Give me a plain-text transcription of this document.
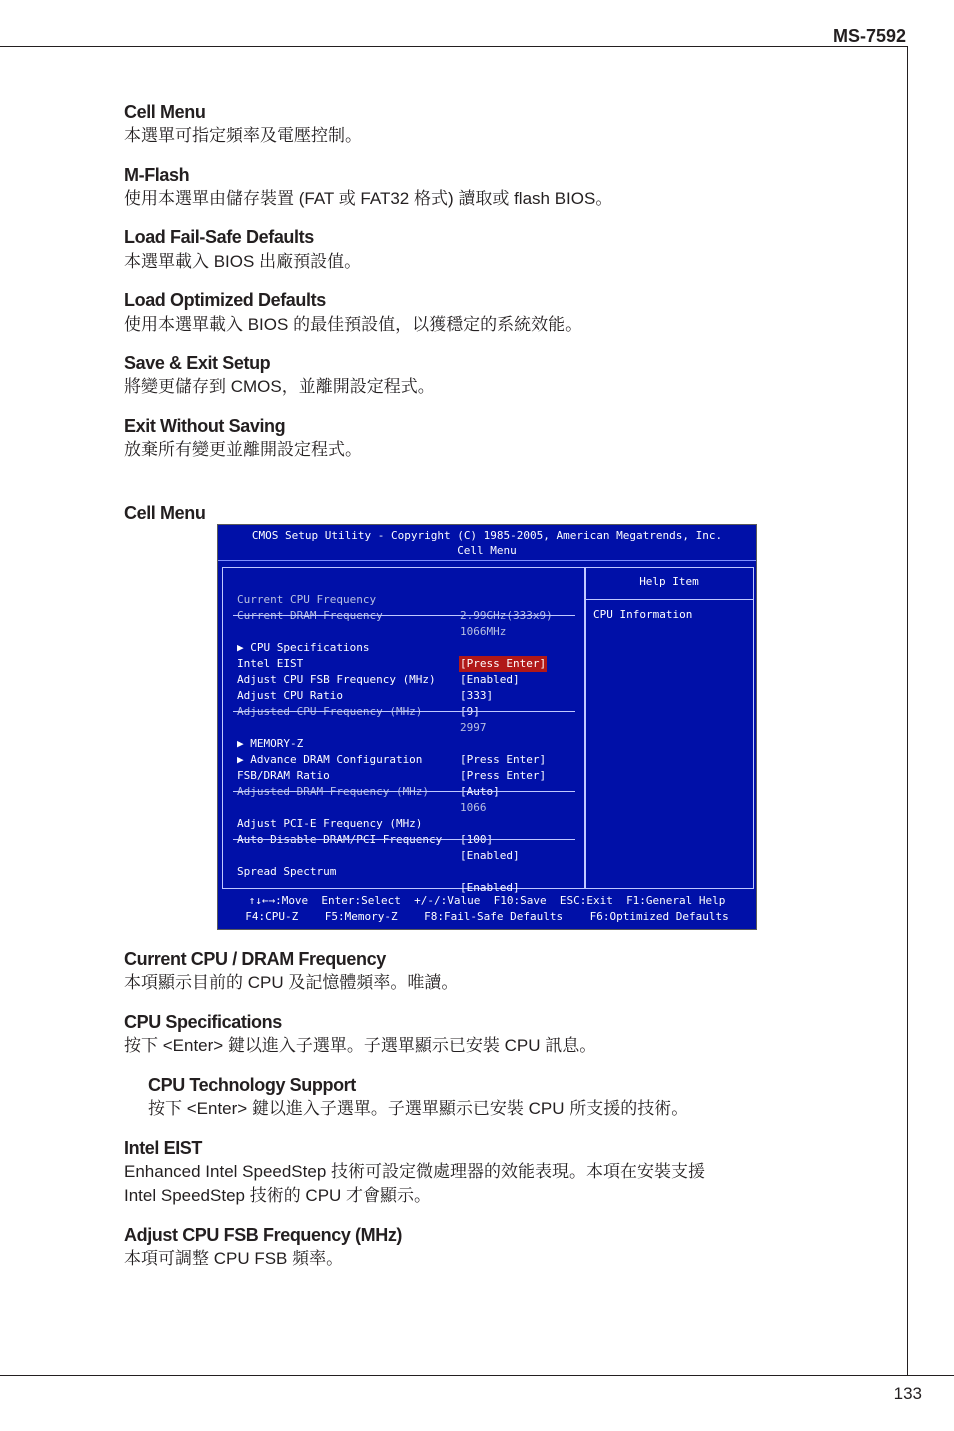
MS-7592
Cell Menu
本選單可指定頻率及電壓控制。
M-Flash
使用本選單由儲存裝置 (FAT 或 FAT32 格式) 讀取或 flash BIOS。
Load Fail-Safe Defaults
本選單載入 BIOS 出廠預設值。
Load Optimized Defaults
使用本選單載入 BIOS 的最佳預設值，以獲穩定的系統效能。
Save & Exit Setup
將變更儲存到 CMOS，並離開設定程式。
Exit Without Saving
放棄所有變更並離開設定程式。
Cell Menu
CMOS Setup Utility - Copyright (C) 1985-2005, American Megatrends, Inc.
Cell Menu

Current CPU Frequency

2.99GHz(333x9)

Current DRAM Frequency

1066MHz

▶ CPU Specifications

[Press Enter]

Intel EIST

[Enabled]

Adjust CPU FSB Frequency (MHz)

[333]

Adjust CPU Ratio

[9]

Adjusted CPU Frequency (MHz)

2997

▶ MEMORY-Z

[Press Enter]

▶ Advance DRAM Configuration

[Press Enter]

FSB/DRAM Ratio

[Auto]

Adjusted DRAM Frequency (MHz)

1066

Adjust PCI-E Frequency (MHz)

[100]

Auto Disable DRAM/PCI Frequency

[Enabled]

Spread Spectrum

[Enabled]

Help Item
CPU Information
↑↓←→:Move  Enter:Select  +/-/:Value  F10:Save  ESC:Exit  F1:General Help
F4:CPU-Z    F5:Memory-Z    F8:Fail-Safe Defaults    F6:Optimized Defaults
Current CPU / DRAM Frequency
本項顯示目前的 CPU 及記憶體頻率。唯讀。
CPU Specifications
按下 <Enter> 鍵以進入子選單。子選單顯示已安裝 CPU 訊息。
CPU Technology Support
按下 <Enter> 鍵以進入子選單。子選單顯示已安裝 CPU 所支援的技術。
Intel EIST
Enhanced Intel SpeedStep 技術可設定微處理器的效能表現。本項在安裝支援
Intel SpeedStep 技術的 CPU 才會顯示。
Adjust CPU FSB Frequency (MHz)
本項可調整 CPU FSB 頻率。
133
